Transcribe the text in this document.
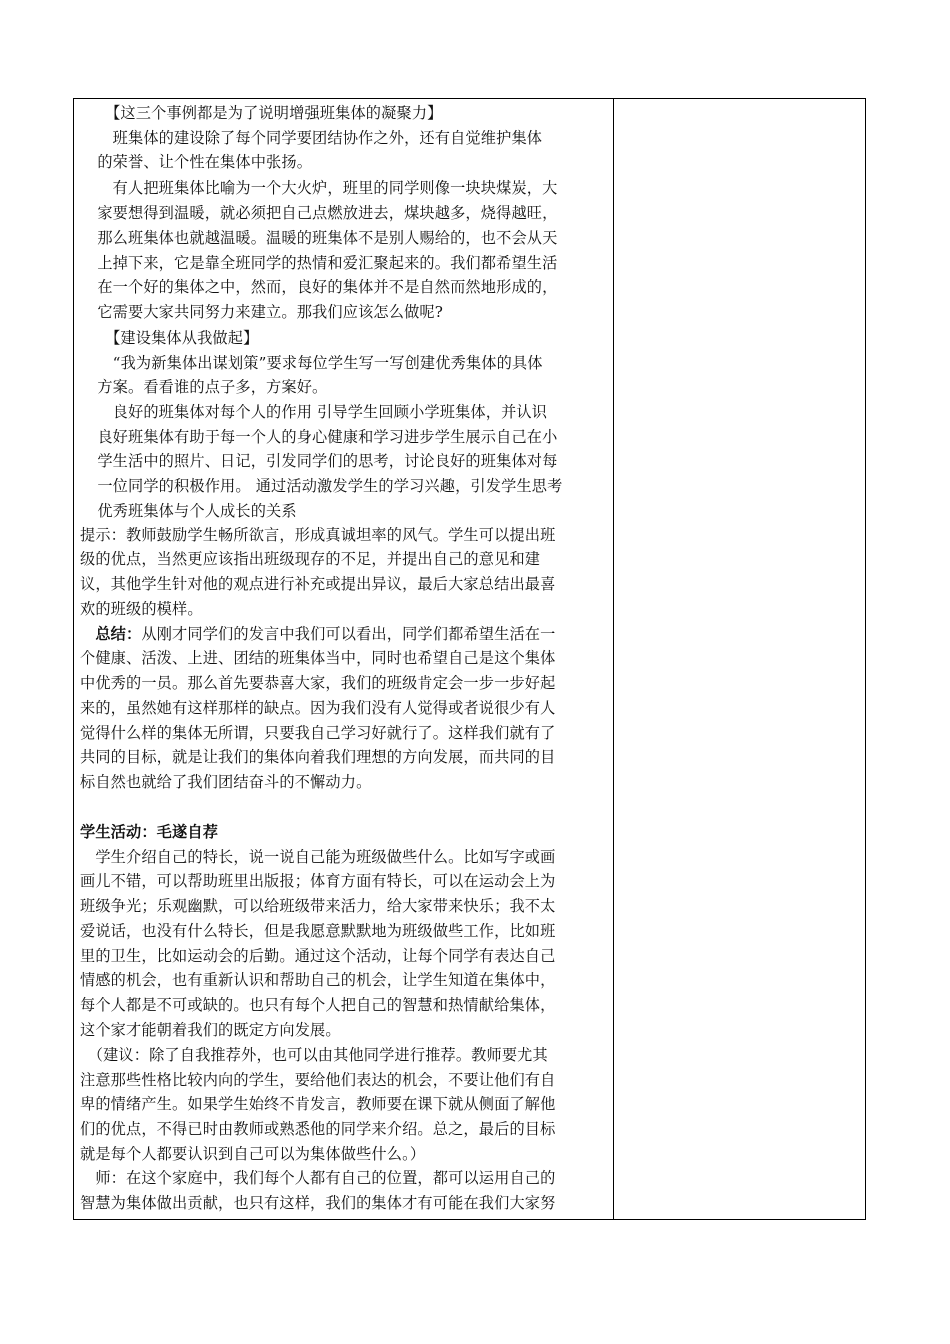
　　【这三个事例都是为了说明增强班集体的凝聚力】
　　班集体的建设除了每个同学要团结协作之外，还有自觉维护集体
　的荣誉、让个性在集体中张扬。
　　有人把班集体比喻为一个大火炉，班里的同学则像一块块煤炭，大
　家要想得到温暖，就必须把自己点燃放进去，煤块越多，烧得越旺，
　那么班集体也就越温暖。温暖的班集体不是别人赐给的，也不会从天
　上掉下来，它是靠全班同学的热情和爱汇聚起来的。我们都希望生活
　在一个好的集体之中，然而，良好的集体并不是自然而然地形成的，
　它需要大家共同努力来建立。那我们应该怎么做呢?
　　【建设集体从我做起】
　　“我为新集体出谋划策”要求每位学生写一写创建优秀集体的具体
　方案。看看谁的点子多，方案好。
　　良好的班集体对每个人的作用 引导学生回顾小学班集体，并认识
　良好班集体有助于每一个人的身心健康和学习进步学生展示自己在小
　学生活中的照片、日记，引发同学们的思考，讨论良好的班集体对每
　一位同学的积极作用。 通过活动激发学生的学习兴趣，引发学生思考
　优秀班集体与个人成长的关系
提示：教师鼓励学生畅所欲言，形成真诚坦率的风气。学生可以提出班
级的优点，当然更应该指出班级现存的不足，并提出自己的意见和建
议，其他学生针对他的观点进行补充或提出异议，最后大家总结出最喜
欢的班级的模样。
　总结：从刚才同学们的发言中我们可以看出，同学们都希望生活在一
个健康、活泼、上进、团结的班集体当中，同时也希望自己是这个集体
中优秀的一员。那么首先要恭喜大家，我们的班级肯定会一步一步好起
来的，虽然她有这样那样的缺点。因为我们没有人觉得或者说很少有人
觉得什么样的集体无所谓，只要我自己学习好就行了。这样我们就有了
共同的目标，就是让我们的集体向着我们理想的方向发展，而共同的目
标自然也就给了我们团结奋斗的不懈动力。
学生活动：毛遂自荐
　学生介绍自己的特长，说一说自己能为班级做些什么。比如写字或画
画儿不错，可以帮助班里出版报；体育方面有特长，可以在运动会上为
班级争光；乐观幽默，可以给班级带来活力，给大家带来快乐；我不太
爱说话，也没有什么特长，但是我愿意默默地为班级做些工作，比如班
里的卫生，比如运动会的后勤。通过这个活动，让每个同学有表达自己
情感的机会，也有重新认识和帮助自己的机会，让学生知道在集体中，
每个人都是不可或缺的。也只有每个人把自己的智慧和热情献给集体，
这个家才能朝着我们的既定方向发展。
　（建议：除了自我推荐外，也可以由其他同学进行推荐。教师要尤其
注意那些性格比较内向的学生，要给他们表达的机会，不要让他们有自
卑的情绪产生。如果学生始终不肯发言，教师要在课下就从侧面了解他
们的优点，不得已时由教师或熟悉他的同学来介绍。总之，最后的目标
就是每个人都要认识到自己可以为集体做些什么。）
　师：在这个家庭中，我们每个人都有自己的位置，都可以运用自己的
智慧为集体做出贡献，也只有这样，我们的集体才有可能在我们大家努
